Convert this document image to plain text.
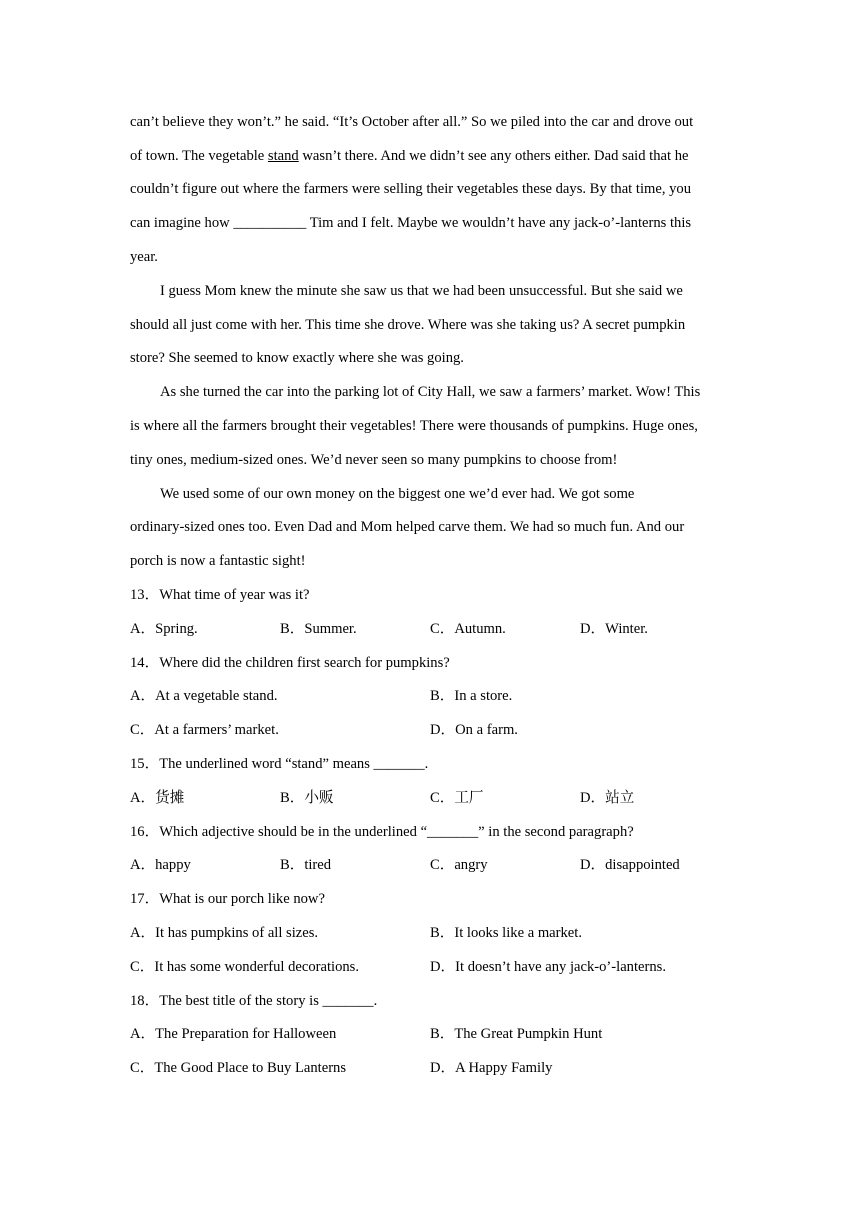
can’t believe they won’t.” he said. “It’s October after all.” So we piled into the car and drove out
of town. The vegetable stand wasn’t there. And we didn’t see any others either. Dad said that he
couldn’t figure out where the farmers were selling their vegetables these days. By that time, you
can imagine how __________ Tim and I felt. Maybe we wouldn’t have any jack-o’-lanterns this
year.
I guess Mom knew the minute she saw us that we had been unsuccessful. But she said we
should all just come with her. This time she drove. Where was she taking us? A secret pumpkin
store? She seemed to know exactly where she was going.
As she turned the car into the parking lot of City Hall, we saw a farmers’ market. Wow! This
is where all the farmers brought their vegetables! There were thousands of pumpkins. Huge ones,
tiny ones, medium-sized ones. We’d never seen so many pumpkins to choose from!
We used some of our own money on the biggest one we’d ever had. We got some
ordinary-sized ones too. Even Dad and Mom helped carve them. We had so much fun. And our
porch is now a fantastic sight!
13．What time of year was it?
A．Spring.	B．Summer.	C．Autumn.	D．Winter.
14．Where did the children first search for pumpkins?
A．At a vegetable stand.	B．In a store.
C．At a farmers’ market.	D．On a farm.
15．The underlined word “stand” means _______.
A．货摊	B．小贩	C．工厂	D．站立
16．Which adjective should be in the underlined “_______” in the second paragraph?
A．happy	B．tired	C．angry	D．disappointed
17．What is our porch like now?
A．It has pumpkins of all sizes.	B．It looks like a market.
C．It has some wonderful decorations.	D．It doesn’t have any jack-o’-lanterns.
18．The best title of the story is _______.
A．The Preparation for Halloween	B．The Great Pumpkin Hunt
C．The Good Place to Buy Lanterns	D．A Happy Family
